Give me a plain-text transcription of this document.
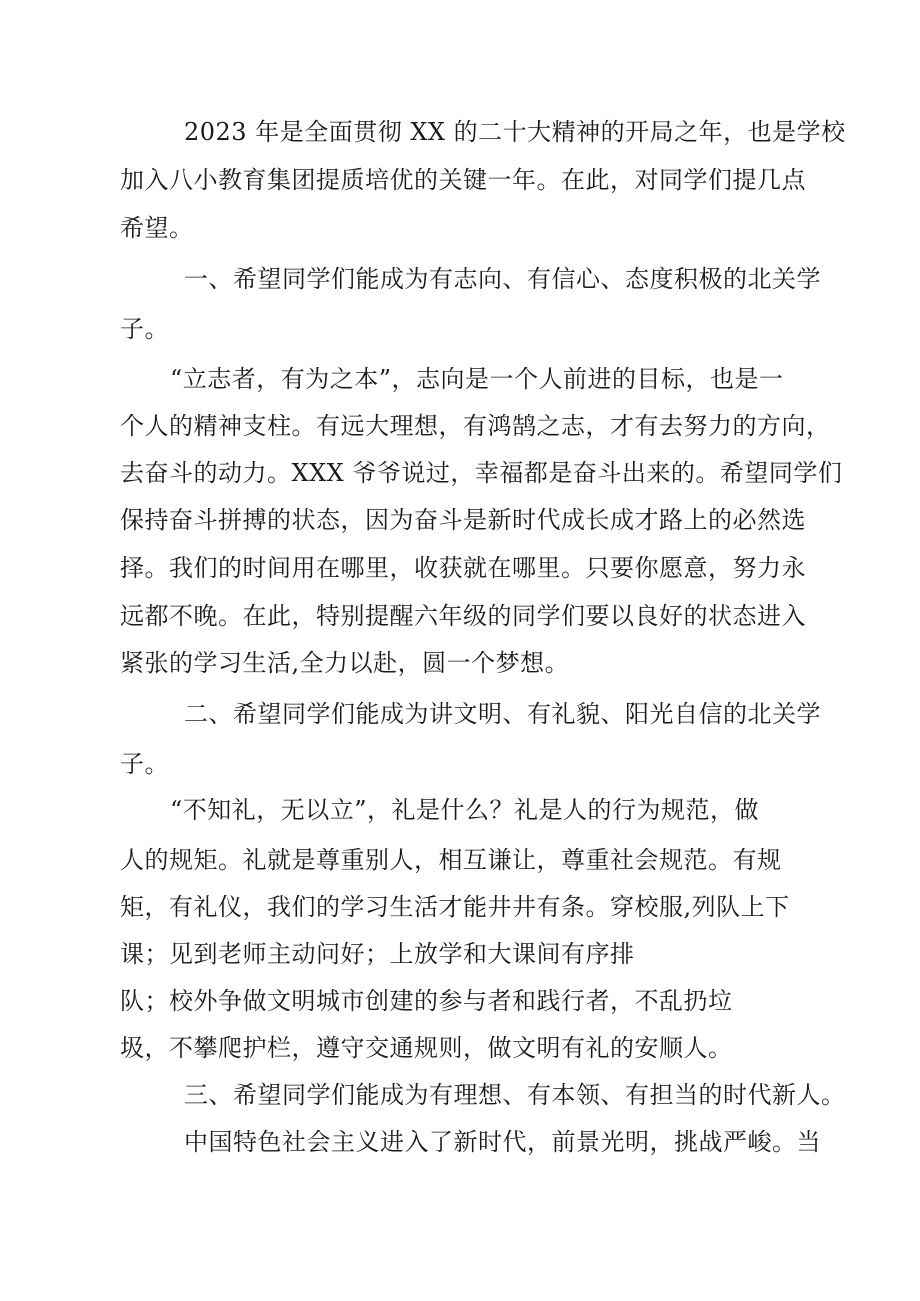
2023 年是全面贯彻 XX 的二十大精神的开局之年，也是学校
加入八小教育集团提质培优的关键一年。在此，对同学们提几点
希望。
一、希望同学们能成为有志向、有信心、态度积极的北关学
子。
“立志者，有为之本”，志向是一个人前进的目标，也是一
个人的精神支柱。有远大理想，有鸿鹄之志，才有去努力的方向，
去奋斗的动力。XXX 爷爷说过，幸福都是奋斗出来的。希望同学们
保持奋斗拼搏的状态，因为奋斗是新时代成长成才路上的必然选
择。我们的时间用在哪里，收获就在哪里。只要你愿意，努力永
远都不晚。在此，特别提醒六年级的同学们要以良好的状态进入
紧张的学习生活,全力以赴，圆一个梦想。
二、希望同学们能成为讲文明、有礼貌、阳光自信的北关学
子。
“不知礼，无以立”，礼是什么？礼是人的行为规范，做
人的规矩。礼就是尊重别人，相互谦让，尊重社会规范。有规
矩，有礼仪，我们的学习生活才能井井有条。穿校服,列队上下
课；见到老师主动问好；上放学和大课间有序排
队；校外争做文明城市创建的参与者和践行者，不乱扔垃
圾，不攀爬护栏，遵守交通规则，做文明有礼的安顺人。
三、希望同学们能成为有理想、有本领、有担当的时代新人。
中国特色社会主义进入了新时代，前景光明，挑战严峻。当
